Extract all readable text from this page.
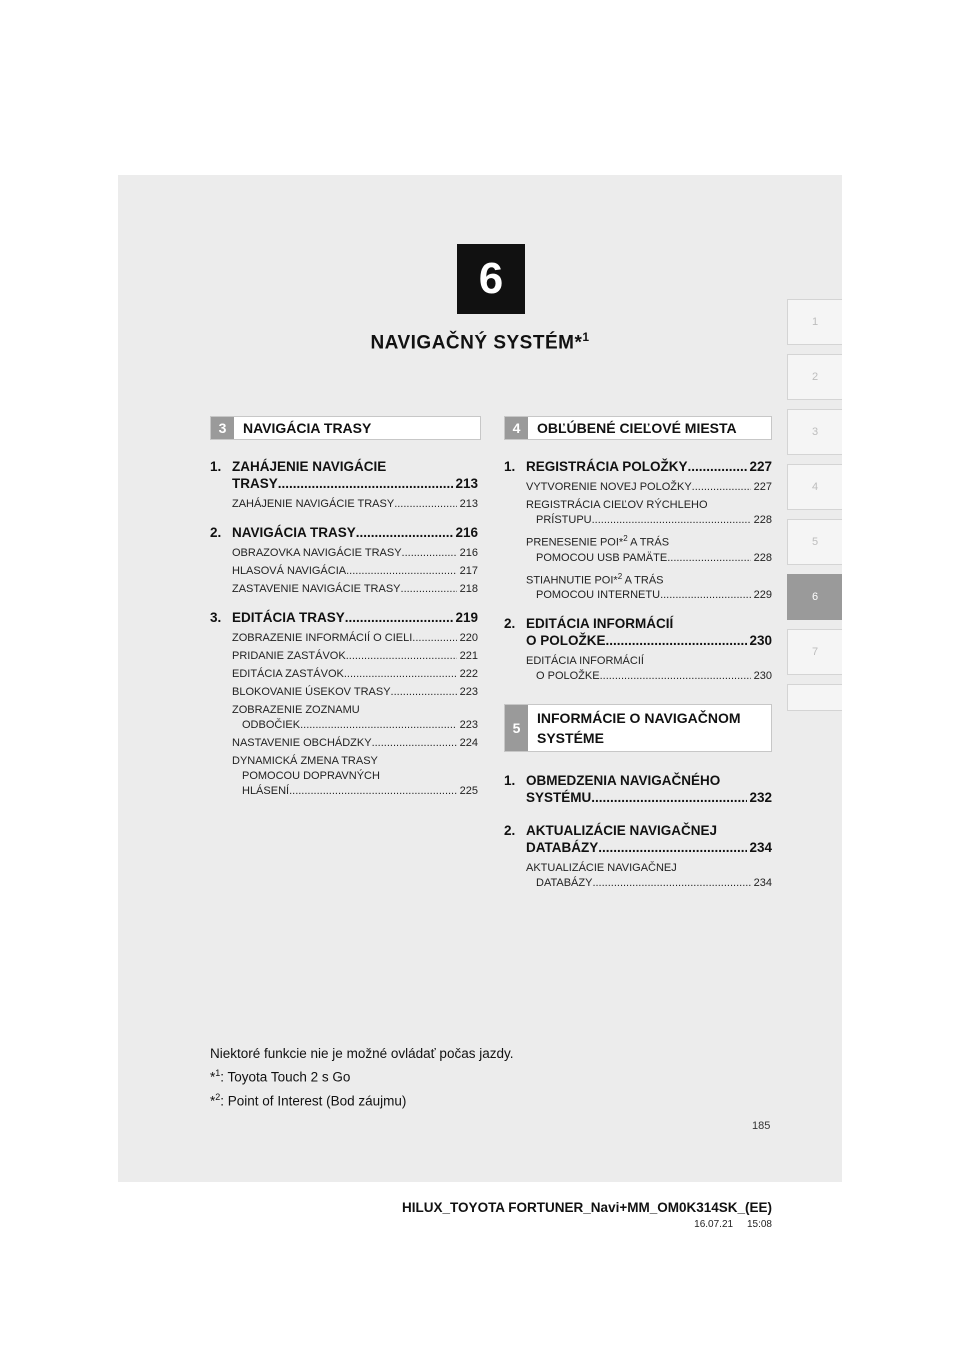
6
NAVIGAČNÝ SYSTÉM*$^1$
1
2
3
4
5
6
7
3	NAVIGÁCIA TRASY
1. ZAHÁJENIE NAVIGÁCIE
TRASY .....	213
ZAHÁJENIE NAVIGÁCIE TRASY .....	213
2. NAVIGÁCIA TRASY .....	216
OBRAZOVKA NAVIGÁCIE TRASY .....	216
HLASOVÁ NAVIGÁCIA .....	217
ZASTAVENIE NAVIGÁCIE TRASY .....	218
3. EDITÁCIA TRASY .....	219
ZOBRAZENIE INFORMÁCIÍ O CIELI .....	220
PRIDANIE ZASTÁVOK .....	221
EDITÁCIA ZASTÁVOK .....	222
BLOKOVANIE ÚSEKOV TRASY .....	223
ZOBRAZENIE ZOZNAMU
ODBOČIEK .....	223
NASTAVENIE OBCHÁDZKY .....	224
DYNAMICKÁ ZMENA TRASY
POMOCOU DOPRAVNÝCH
HLÁSENÍ .....	225
4	OBĽÚBENÉ CIEĽOVÉ MIESTA
1. REGISTRÁCIA POLOŽKY .....	227
VYTVORENIE NOVEJ POLOŽKY .....	227
REGISTRÁCIA CIEĽOV RÝCHLEHO
PRÍSTUPU .....	228
PRENESENIE POI*$^2$ A TRÁS
POMOCOU USB PAMÄTE .....	228
STIAHNUTIE POI*$^2$ A TRÁS
POMOCOU INTERNETU .....	229
2. EDITÁCIA INFORMÁCIÍ
O POLOŽKE .....	230
EDITÁCIA INFORMÁCIÍ
O POLOŽKE .....	230
5
INFORMÁCIE O NAVIGAČNOM
SYSTÉME
1. OBMEDZENIA NAVIGAČNÉHO
SYSTÉMU .....	232
2. AKTUALIZÁCIE NAVIGAČNEJ
DATABÁZY .....	234
AKTUALIZÁCIE NAVIGAČNEJ
DATABÁZY .....	234
Niektoré funkcie nie je možné ovládať počas jazdy.
*$^1$: Toyota Touch 2 s Go
*$^2$: Point of Interest (Bod záujmu)
185
HILUX_TOYOTA FORTUNER_Navi+MM_OM0K314SK_(EE)
16.07.21     15:08
